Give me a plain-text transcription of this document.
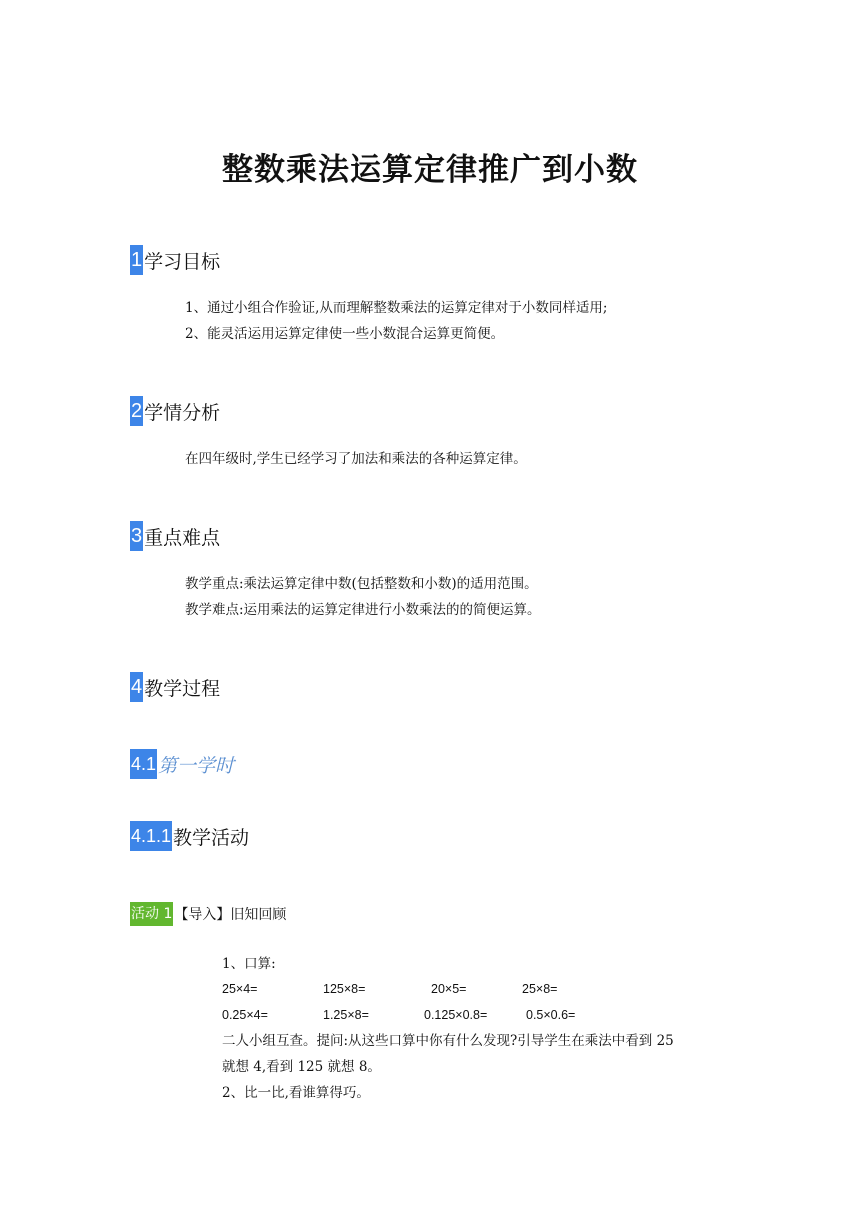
整数乘法运算定律推广到小数
1 学习目标
1、通过小组合作验证,从而理解整数乘法的运算定律对于小数同样适用;
2、能灵活运用运算定律使一些小数混合运算更简便。
2 学情分析
在四年级时,学生已经学习了加法和乘法的各种运算定律。
3 重点难点
教学重点:乘法运算定律中数(包括整数和小数)的适用范围。
教学难点:运用乘法的运算定律进行小数乘法的的简便运算。
4 教学过程
4.1 第一学时
4.1.1 教学活动
活动 1 【导入】旧知回顾
1、口算:
25×4=	125×8=	20×5=	25×8=
0.25×4=	1.25×8=	0.125×0.8=	0.5×0.6=
二人小组互查。提问:从这些口算中你有什么发现?引导学生在乘法中看到 25
就想 4,看到 125 就想 8。
2、比一比,看谁算得巧。
